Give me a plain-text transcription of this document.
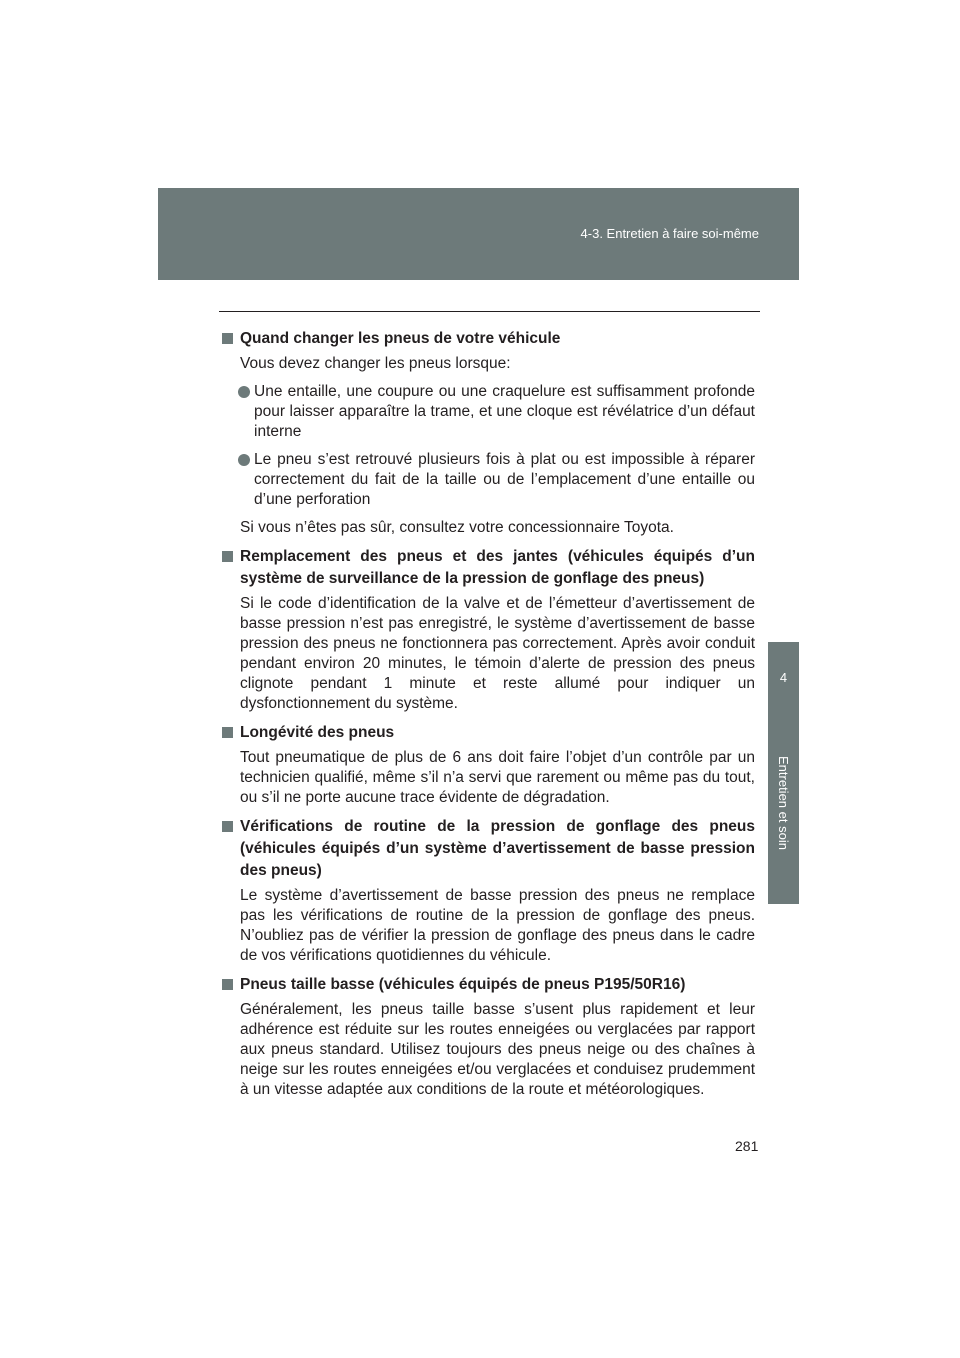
4-3. Entretien à faire soi-même
4
Entretien et soin
Quand changer les pneus de votre véhicule
Vous devez changer les pneus lorsque:
Une entaille, une coupure ou une craquelure est suffisamment profonde pour laisser apparaître la trame, et une cloque est révélatrice d’un défaut interne
Le pneu s’est retrouvé plusieurs fois à plat ou est impossible à réparer correctement du fait de la taille ou de l’emplacement d’une entaille ou d’une perforation
Si vous n’êtes pas sûr, consultez votre concessionnaire Toyota.
Remplacement des pneus et des jantes (véhicules équipés d’un système de surveillance de la pression de gonflage des pneus)
Si le code d’identification de la valve et de l’émetteur d’avertissement de basse pression n’est pas enregistré, le système d’avertissement de basse pression des pneus ne fonctionnera pas correctement. Après avoir conduit pendant environ 20 minutes, le témoin d’alerte de pression des pneus clignote pendant 1 minute et reste allumé pour indiquer un dysfonctionnement du système.
Longévité des pneus
Tout pneumatique de plus de 6 ans doit faire l’objet d’un contrôle par un technicien qualifié, même s’il n’a servi que rarement ou même pas du tout, ou s’il ne porte aucune trace évidente de dégradation.
Vérifications de routine de la pression de gonflage des pneus (véhicules équipés d’un système d’avertissement de basse pression des pneus)
Le système d’avertissement de basse pression des pneus ne remplace pas les vérifications de routine de la pression de gonflage des pneus. N’oubliez pas de vérifier la pression de gonflage des pneus dans le cadre de vos vérifications quotidiennes du véhicule.
Pneus taille basse (véhicules équipés de pneus P195/50R16)
Généralement, les pneus taille basse s’usent plus rapidement et leur adhérence est réduite sur les routes enneigées ou verglacées par rapport aux pneus standard. Utilisez toujours des pneus neige ou des chaînes à neige sur les routes enneigées et/ou verglacées et conduisez prudemment à un vitesse adaptée aux conditions de la route et météorologiques.
281
